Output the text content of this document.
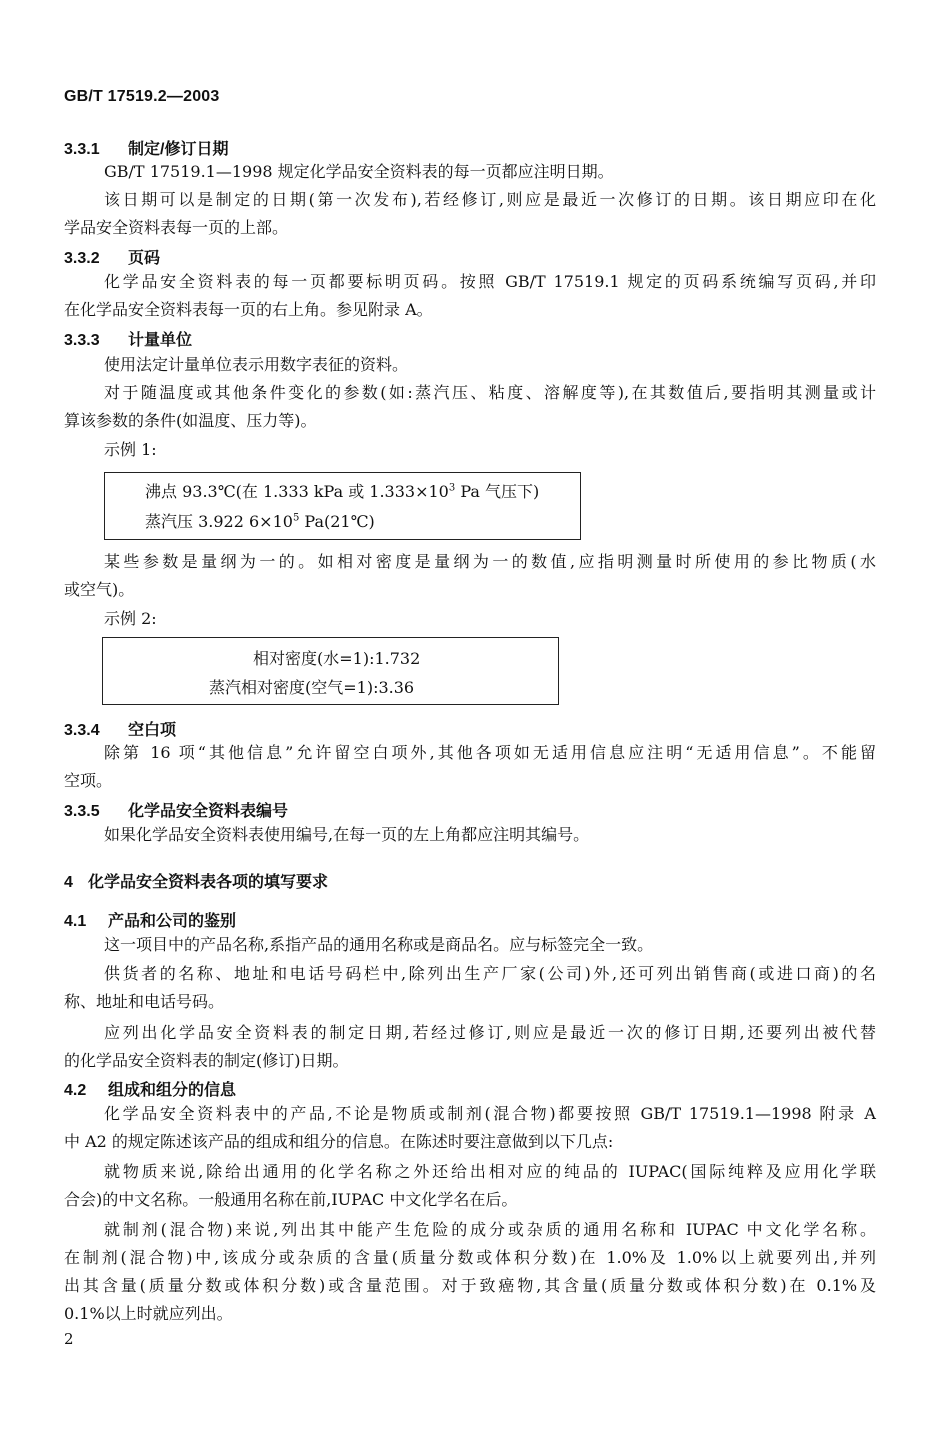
GB/T 17519.2—2003
3.3.1 制定/修订日期
GB/T 17519.1—1998 规定化学品安全资料表的每一页都应注明日期。
该日期可以是制定的日期(第一次发布),若经修订,则应是最近一次修订的日期。该日期应印在化
学品安全资料表每一页的上部。
3.3.2 页码
化学品安全资料表的每一页都要标明页码。按照 GB/T 17519.1 规定的页码系统编写页码,并印
在化学品安全资料表每一页的右上角。参见附录 A。
3.3.3 计量单位
使用法定计量单位表示用数字表征的资料。
对于随温度或其他条件变化的参数(如:蒸汽压、粘度、溶解度等),在其数值后,要指明其测量或计
算该参数的条件(如温度、压力等)。
示例 1:
沸点 93.3℃(在 1.333 kPa 或 $1.333\times 10^3$ Pa 气压下)
蒸汽压 3.922 $6\times 10^5$ Pa(21℃)
某些参数是量纲为一的。如相对密度是量纲为一的数值,应指明测量时所使用的参比物质(水
或空气)。
示例 2:
相对密度(水=1):1.732
蒸汽相对密度(空气=1):3.36
3.3.4 空白项
除第 16 项“其他信息”允许留空白项外,其他各项如无适用信息应注明“无适用信息”。不能留
空项。
3.3.5 化学品安全资料表编号
如果化学品安全资料表使用编号,在每一页的左上角都应注明其编号。
4 化学品安全资料表各项的填写要求
4.1 产品和公司的鉴别
这一项目中的产品名称,系指产品的通用名称或是商品名。应与标签完全一致。
供货者的名称、地址和电话号码栏中,除列出生产厂家(公司)外,还可列出销售商(或进口商)的名
称、地址和电话号码。
应列出化学品安全资料表的制定日期,若经过修订,则应是最近一次的修订日期,还要列出被代替
的化学品安全资料表的制定(修订)日期。
4.2 组成和组分的信息
化学品安全资料表中的产品,不论是物质或制剂(混合物)都要按照 GB/T 17519.1—1998 附录 A
中 A2 的规定陈述该产品的组成和组分的信息。在陈述时要注意做到以下几点:
就物质来说,除给出通用的化学名称之外还给出相对应的纯品的 IUPAC(国际纯粹及应用化学联
合会)的中文名称。一般通用名称在前,IUPAC 中文化学名在后。
就制剂(混合物)来说,列出其中能产生危险的成分或杂质的通用名称和 IUPAC 中文化学名称。
在制剂(混合物)中,该成分或杂质的含量(质量分数或体积分数)在 1.0%及 1.0%以上就要列出,并列
出其含量(质量分数或体积分数)或含量范围。对于致癌物,其含量(质量分数或体积分数)在 0.1%及
0.1%以上时就应列出。
2
